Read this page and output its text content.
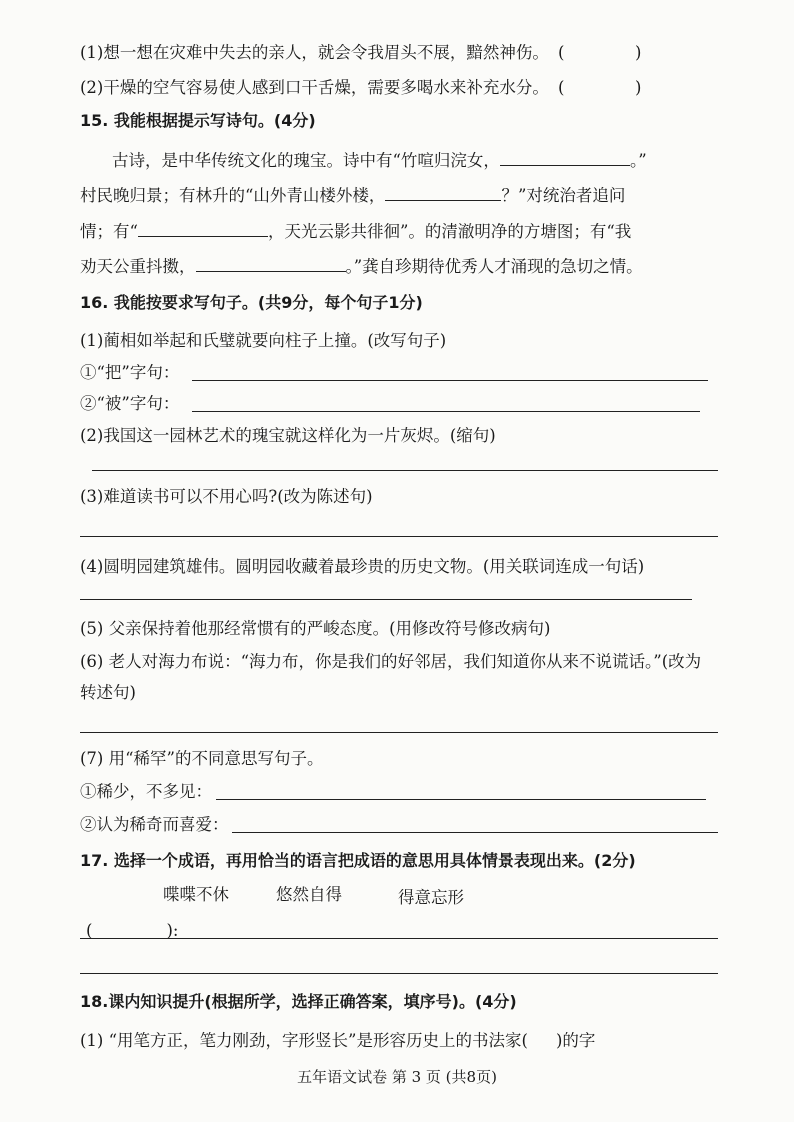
(1)想一想在灾难中失去的亲人，就会令我眉头不展，黯然神伤。 (	)
(2)干燥的空气容易使人感到口干舌燥，需要多喝水来补充水分。 (	)
15. 我能根据提示写诗句。(4分)
古诗，是中华传统文化的瑰宝。诗中有“竹喧归浣女，	。”
村民晚归景；有林升的“山外青山楼外楼，	？”对统治者追问
情；有“	，天光云影共徘徊”。的清澈明净的方塘图；有“我
劝天公重抖擞，	。”龚自珍期待优秀人才涌现的急切之情。
16. 我能按要求写句子。(共9分，每个句子1分)
(1)蔺相如举起和氏璧就要向柱子上撞。(改写句子)
①“把”字句：
②“被”字句：
(2)我国这一园林艺术的瑰宝就这样化为一片灰烬。(缩句)
(3)难道读书可以不用心吗?(改为陈述句)
(4)圆明园建筑雄伟。圆明园收藏着最珍贵的历史文物。(用关联词连成一句话)
(5) 父亲保持着他那经常惯有的严峻态度。(用修改符号修改病句)
(6) 老人对海力布说：“海力布，你是我们的好邻居，我们知道你从来不说谎话。”(改为
转述句)
(7) 用“稀罕”的不同意思写句子。
①稀少，不多见：
②认为稀奇而喜爱：
17. 选择一个成语，再用恰当的语言把成语的意思用具体情景表现出来。(2分)
喋喋不休	悠然自得	得意忘形
(	):
18.课内知识提升(根据所学，选择正确答案，填序号)。(4分)
(1) “用笔方正，笔力刚劲，字形竖长”是形容历史上的书法家( )的字
五年语文试卷 第 3 页 (共8页)
